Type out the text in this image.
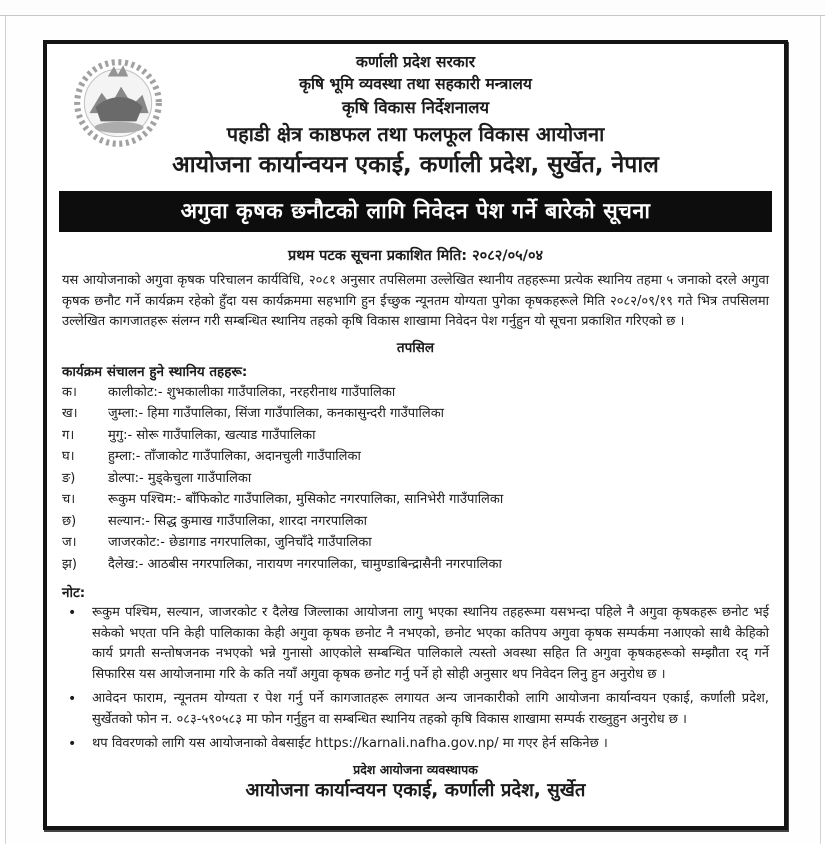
कर्णाली प्रदेश सरकार
कृषि भूमि व्यवस्था तथा सहकारी मन्त्रालय
कृषि विकास निर्देशनालय
पहाडी क्षेत्र काष्ठफल तथा फलफूल विकास आयोजना
आयोजना कार्यान्वयन एकाई, कर्णाली प्रदेश, सुर्खेत, नेपाल
अगुवा कृषक छनौटको लागि निवेदन पेश गर्ने बारेको सूचना
प्रथम पटक सूचना प्रकाशित मिति: २०८२/०५/०४

यस आयोजनाको अगुवा कृषक परिचालन कार्यविधि, २०८१ अनुसार तपसिलमा उल्लेखित स्थानीय तहहरूमा प्रत्येक स्थानिय तहमा ५ जनाको दरले अगुवा कृषक छनौट गर्ने कार्यक्रम रहेको हुँदा यस कार्यक्रममा सहभागि हुन ईच्छुक न्यूनतम योग्यता पुगेका कृषकहरूले मिति २०८२/०९/१९ गते भित्र तपसिलमा उल्लेखित कागजातहरू संलग्न गरी सम्बन्धित स्थानिय तहको कृषि विकास शाखामा निवेदन पेश गर्नुहुन यो सूचना प्रकाशित गरिएको छ ।

तपसिल
कार्यक्रम संचालन हुने स्थानिय तहहरू:
क।	कालीकोट:- शुभकालीका गाउँपालिका, नरहरीनाथ गाउँपालिका
ख।	जुम्ला:- हिमा गाउँपालिका, सिंजा गाउँपालिका, कनकासुन्दरी गाउँपालिका
ग।	मुगु:- सोरू गाउँपालिका, खत्याड गाउँपालिका
घ।	हुम्ला:- ताँजाकोट गाउँपालिका, अदानचुली गाउँपालिका
ङ)	डोल्पा:- मुड्केचुला गाउँपालिका
च।	रूकुम पश्चिम:- बाँफिकोट गाउँपालिका, मुसिकोट नगरपालिका, सानिभेरी गाउँपालिका
छ)	सल्यान:- सिद्ध कुमाख गाउँपालिका, शारदा नगरपालिका
ज।	जाजरकोट:- छेडागाड नगरपालिका, जुनिचाँदे गाउँपालिका
झ)	दैलेख:- आठबीस नगरपालिका, नारायण नगरपालिका, चामुण्डाबिन्द्रासैनी नगरपालिका
नोट:
•	रूकुम पश्चिम, सल्यान, जाजरकोट र दैलेख जिल्लाका आयोजना लागु भएका स्थानिय तहहरूमा यसभन्दा पहिले नै अगुवा कृषकहरू छनोट भई सकेको भएता पनि केही पालिकाका केही अगुवा कृषक छनोट नै नभएको, छनोट भएका कतिपय अगुवा कृषक सम्पर्कमा नआएको साथै केहिको कार्य प्रगती सन्तोषजनक नभएको भन्ने गुनासो आएकोले सम्बन्धित पालिकाले त्यस्तो अवस्था सहित ति अगुवा कृषकहरूको सम्झौता रद् गर्ने सिफारिस यस आयोजनामा गरि के कति नयाँ अगुवा कृषक छनोट गर्नु पर्ने हो सोही अनुसार थप निवेदन लिनु हुन अनुरोध छ ।
•	आवेदन फाराम, न्यूनतम योग्यता र पेश गर्नु पर्ने कागजातहरू लगायत अन्य जानकारीको लागि आयोजना कार्यान्वयन एकाई, कर्णाली प्रदेश, सुर्खेतको फोन न. ०८३-५९०५८३ मा फोन गर्नुहुन वा सम्बन्धित स्थानिय तहको कृषि विकास शाखामा सम्पर्क राख्नुहुन अनुरोध छ ।
•	थप विवरणको लागि यस आयोजनाको वेबसाईट https://karnali.nafha.gov.np/ मा गएर हेर्न सकिनेछ ।
प्रदेश आयोजना व्यवस्थापक
आयोजना कार्यान्वयन एकाई, कर्णाली प्रदेश, सुर्खेत
